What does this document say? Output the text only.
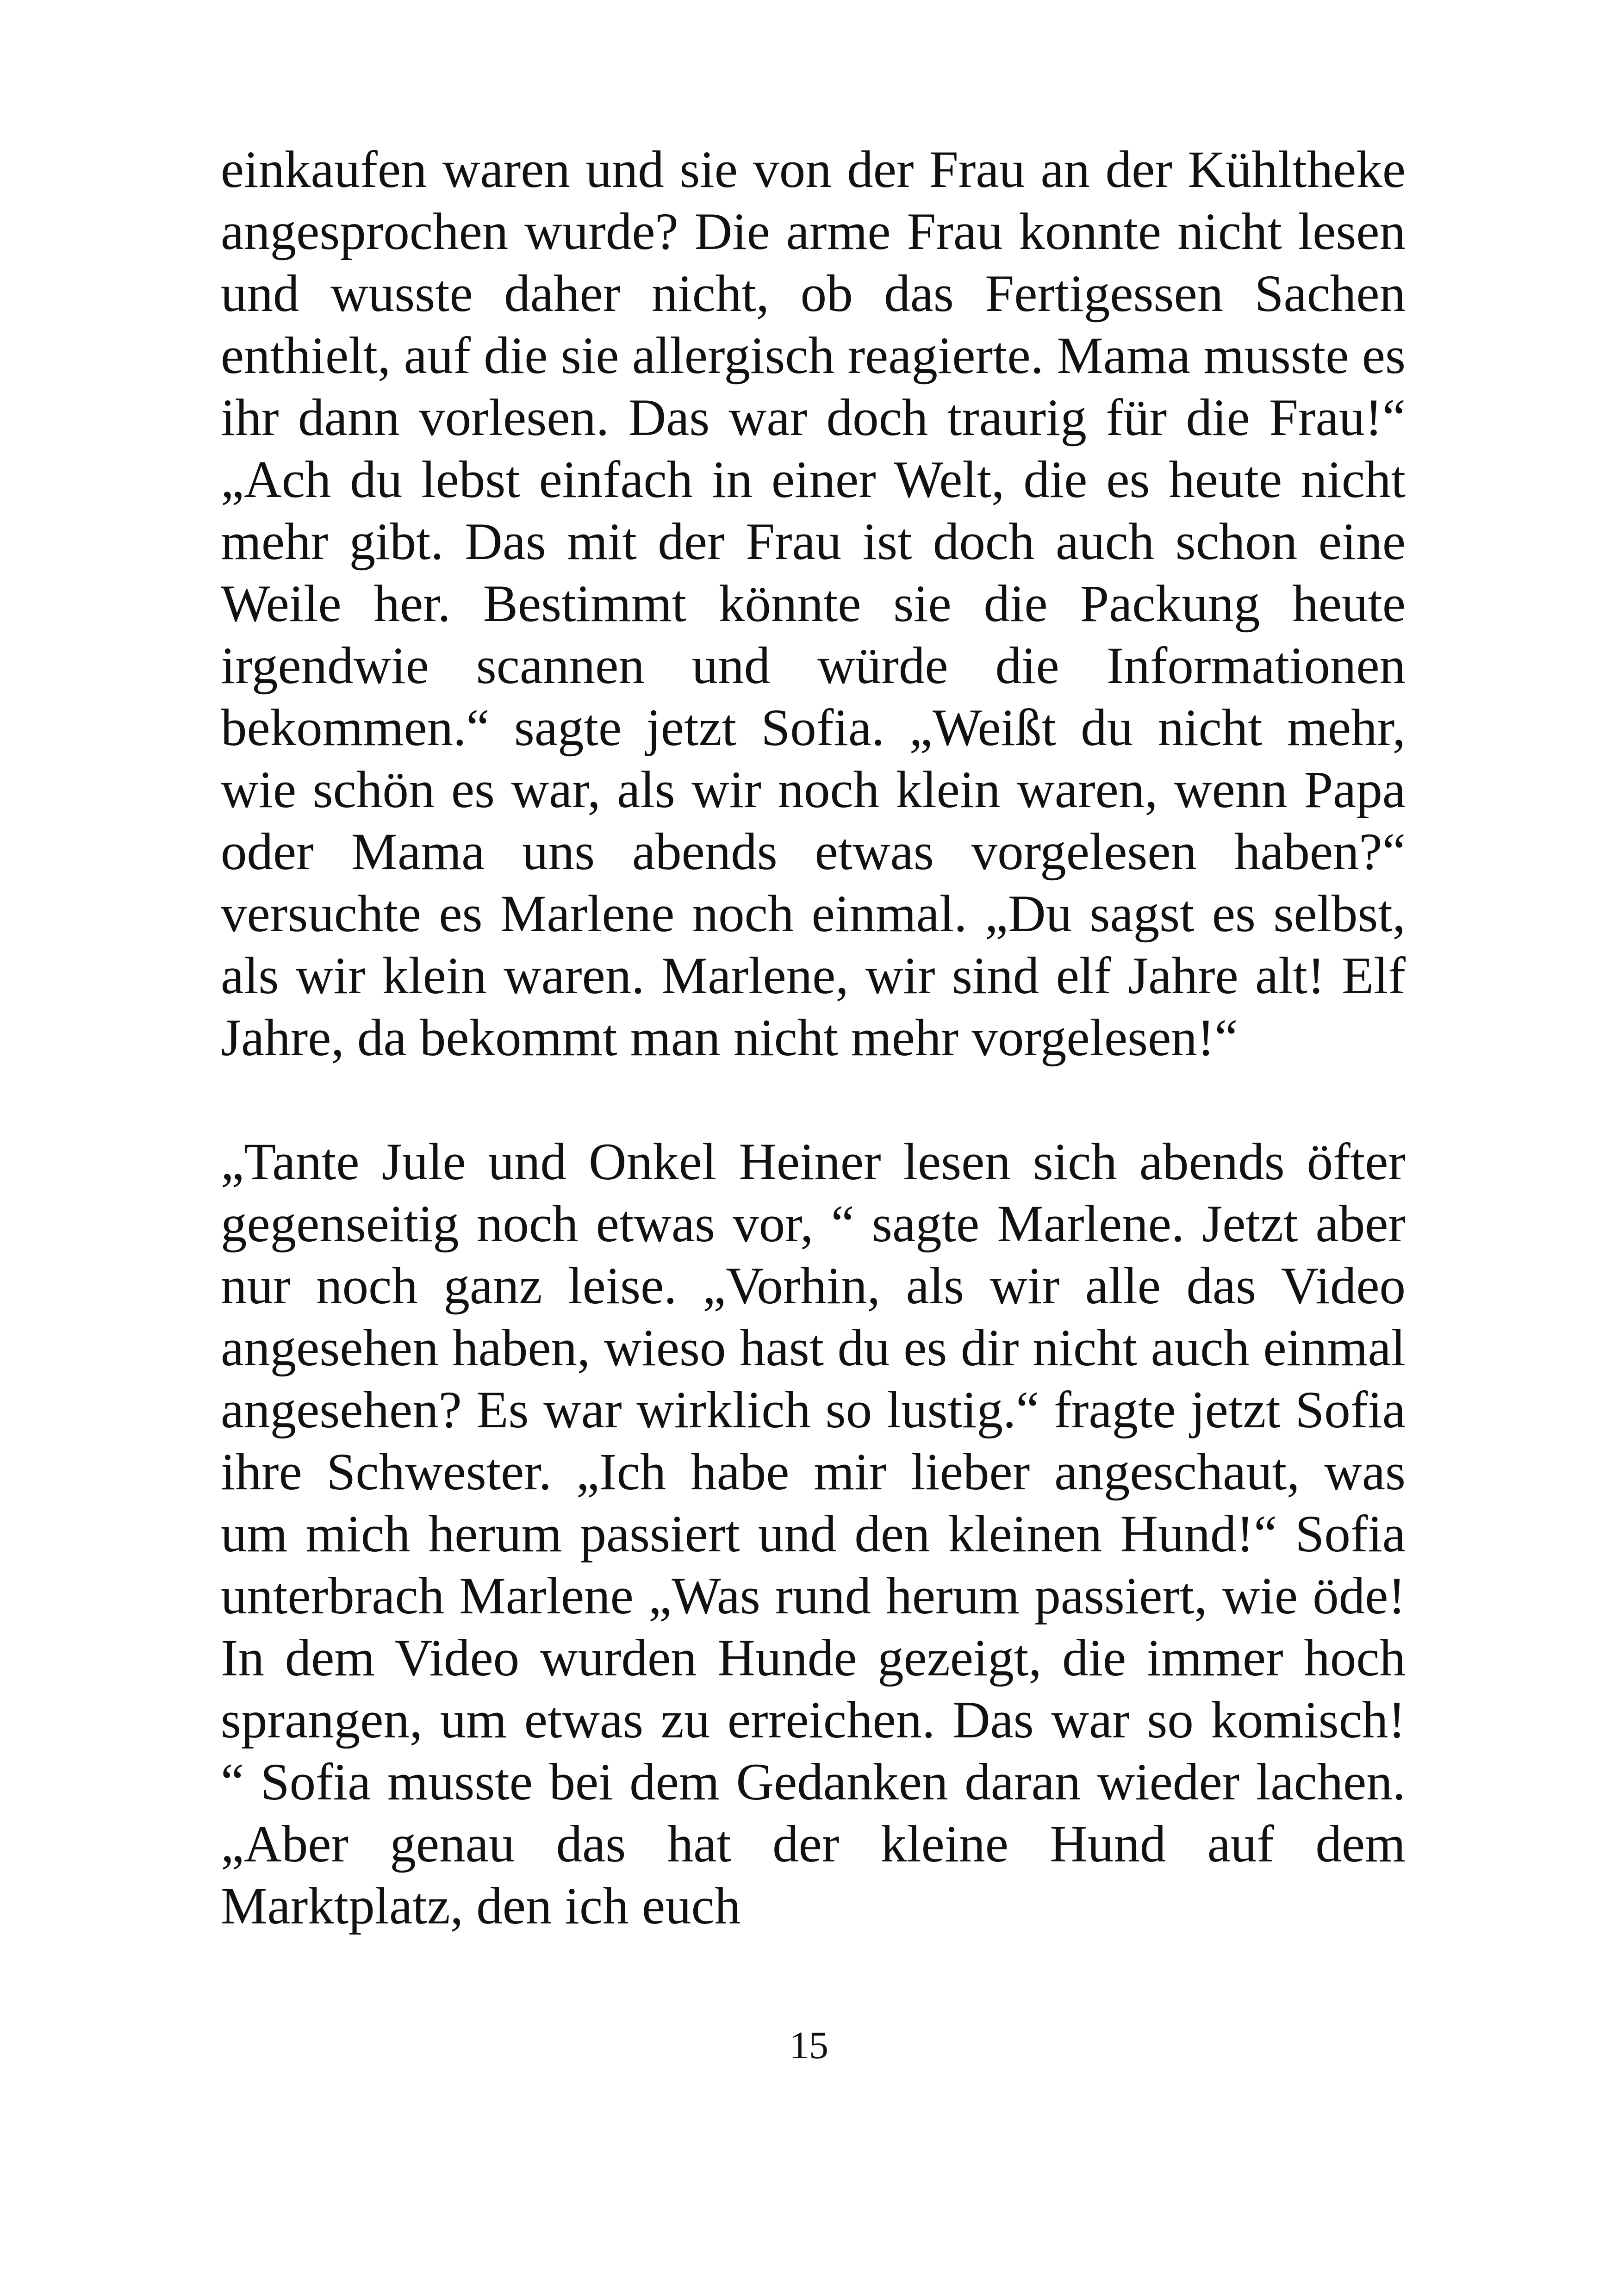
einkaufen waren und sie von der Frau an der Kühltheke angesprochen wurde? Die arme Frau konnte nicht lesen und wusste daher nicht, ob das Fertigessen Sachen enthielt, auf die sie allergisch reagierte. Mama musste es ihr dann vorlesen. Das war doch traurig für die Frau!“ „Ach du lebst einfach in einer Welt, die es heute nicht mehr gibt. Das mit der Frau ist doch auch schon eine Weile her. Bestimmt könnte sie die Packung heute irgendwie scannen und würde die Informationen bekommen.“ sagte jetzt Sofia. „Weißt du nicht mehr, wie schön es war, als wir noch klein waren, wenn Papa oder Mama uns abends etwas vorgelesen haben?“ versuchte es Marlene noch einmal. „Du sagst es selbst, als wir klein waren. Marlene, wir sind elf Jahre alt! Elf Jahre, da bekommt man nicht mehr vorgelesen!“

„Tante Jule und Onkel Heiner lesen sich abends öfter gegenseitig noch etwas vor, “ sagte Marlene. Jetzt aber nur noch ganz leise. „Vorhin, als wir alle das Video angesehen haben, wieso hast du es dir nicht auch einmal angesehen? Es war wirklich so lustig.“ fragte jetzt Sofia ihre Schwester. „Ich habe mir lieber angeschaut, was um mich herum passiert und den kleinen Hund!“ Sofia unterbrach Marlene „Was rund herum passiert, wie öde! In dem Video wurden Hunde gezeigt, die immer hoch sprangen, um etwas zu erreichen. Das war so komisch! “ Sofia musste bei dem Gedanken daran wieder lachen. „Aber genau das hat der kleine Hund auf dem Marktplatz, den ich euch

15
